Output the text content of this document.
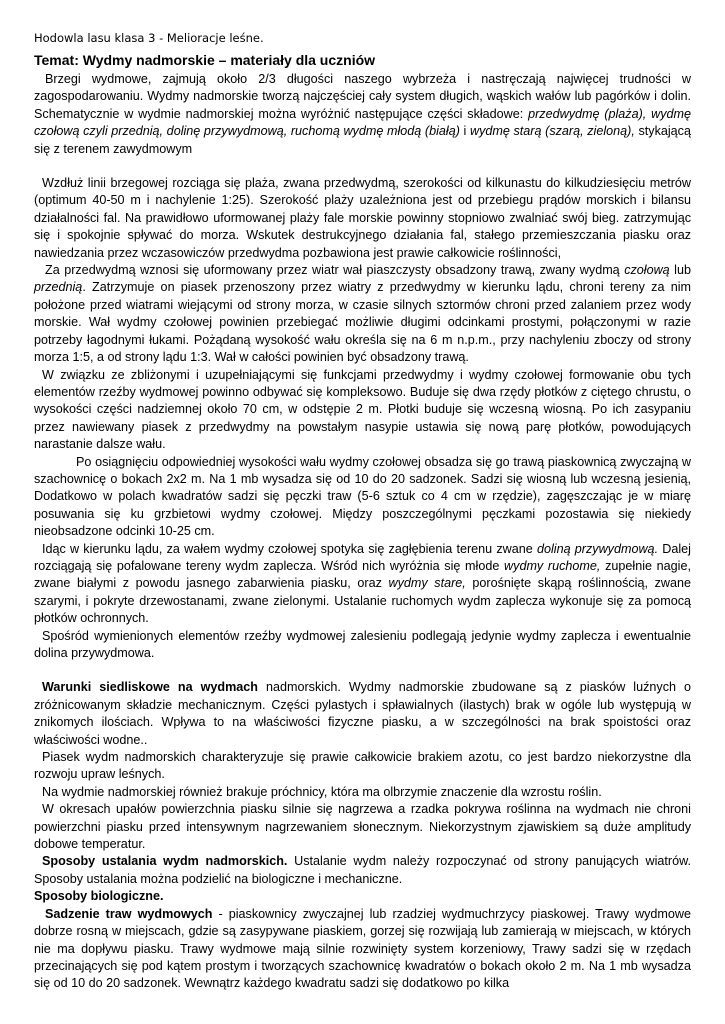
Hodowla lasu klasa 3 - Melioracje leśne.
Temat: Wydmy nadmorskie – materiały dla uczniów

Brzegi wydmowe, zajmują około 2/3 długości naszego wybrzeża i nastręczają najwięcej trudności w zagospodarowaniu. Wydmy nadmorskie tworzą najczęściej cały system długich, wąskich wałów lub pagórków i dolin. Schematycznie w wydmie nadmorskiej można wyróżnić następujące części składowe: przedwydmę (plaża), wydmę czołową czyli przednią, dolinę przywydmową, ruchomą wydmę młodą (białą) i wydmę starą (szarą, zieloną), stykającą się z terenem zawydmowym

Wzdłuż linii brzegowej rozciąga się plaża, zwana przedwydmą, szerokości od kilkunastu do kilkudziesięciu metrów (optimum 40-50 m i nachylenie 1:25). Szerokość plaży uzależniona jest od przebiegu prądów morskich i bilansu działalności fal. Na prawidłowo uformowanej plaży fale morskie powinny stopniowo zwalniać swój bieg. zatrzymując się i spokojnie spływać do morza. Wskutek destrukcyjnego działania fal, stałego przemieszczania piasku oraz nawiedzania przez wczasowiczów przedwydma pozbawiona jest prawie całkowicie roślinności,

Za przedwydmą wznosi się uformowany przez wiatr wał piaszczysty obsadzony trawą, zwany wydmą czołową lub przednią. Zatrzymuje on piasek przenoszony przez wiatry z przedwydmy w kierunku lądu, chroni tereny za nim położone przed wiatrami wiejącymi od strony morza, w czasie silnych sztormów chroni przed zalaniem przez wody morskie. Wał wydmy czołowej powinien przebiegać możliwie długimi odcinkami prostymi, połączonymi w razie potrzeby łagodnymi łukami. Pożądaną wysokość wału określa się na 6 m n.p.m., przy nachyleniu zboczy od strony morza 1:5, a od strony lądu 1:3. Wał w całości powinien być obsadzony trawą.

W związku ze zbliżonymi i uzupełniającymi się funkcjami przedwydmy i wydmy czołowej formowanie obu tych elementów rzeźby wydmowej powinno odbywać się kompleksowo. Buduje się dwa rzędy płotków z ciętego chrustu, o wysokości części nadziemnej około 70 cm, w odstępie 2 m. Płotki buduje się wczesną wiosną. Po ich zasypaniu przez nawiewany piasek z przedwydmy na powstałym nasypie ustawia się nową parę płotków, powodujących narastanie dalsze wału.

Po osiągnięciu odpowiedniej wysokości wału wydmy czołowej obsadza się go trawą piaskownicą zwyczajną w szachownicę o bokach 2x2 m. Na 1 mb wysadza się od 10 do 20 sadzonek. Sadzi się wiosną lub wczesną jesienią, Dodatkowo w polach kwadratów sadzi się pęczki traw (5-6 sztuk co 4 cm w rzędzie), zagęszczając je w miarę posuwania się ku grzbietowi wydmy czołowej. Między poszczególnymi pęczkami pozostawia się niekiedy nieobsadzone odcinki 10-25 cm.

Idąc w kierunku lądu, za wałem wydmy czołowej spotyka się zagłębienia terenu zwane doliną przywydmową. Dalej rozciągają się pofalowane tereny wydm zaplecza. Wśród nich wyróżnia się młode wydmy ruchome, zupełnie nagie, zwane białymi z powodu jasnego zabarwienia piasku, oraz wydmy stare, porośnięte skąpą roślinnością, zwane szarymi, i pokryte drzewostanami, zwane zielonymi. Ustalanie ruchomych wydm zaplecza wykonuje się za pomocą płotków ochronnych.

Spośród wymienionych elementów rzeźby wydmowej zalesieniu podlegają jedynie wydmy zaplecza i ewentualnie dolina przywydmowa.

Warunki siedliskowe na wydmach nadmorskich. Wydmy nadmorskie zbudowane są z piasków luźnych o zróżnicowanym składzie mechanicznym. Części pylastych i spławialnych (ilastych) brak w ogóle lub występują w znikomych ilościach. Wpływa to na właściwości fizyczne piasku, a w szczególności na brak spoistości oraz właściwości wodne..

Piasek wydm nadmorskich charakteryzuje się prawie całkowicie brakiem azotu, co jest bardzo niekorzystne dla rozwoju upraw leśnych.

Na wydmie nadmorskiej również brakuje próchnicy, która ma olbrzymie znaczenie dla wzrostu roślin.

W okresach upałów powierzchnia piasku silnie się nagrzewa a rzadka pokrywa roślinna na wydmach nie chroni powierzchni piasku przed intensywnym nagrzewaniem słonecznym. Niekorzystnym zjawiskiem są duże amplitudy dobowe temperatur.

Sposoby ustalania wydm nadmorskich. Ustalanie wydm należy rozpoczynać od strony panujących wiatrów. Sposoby ustalania można podzielić na biologiczne i mechaniczne.

Sposoby biologiczne.

Sadzenie traw wydmowych - piaskownicy zwyczajnej lub rzadziej wydmuchrzycy piaskowej. Trawy wydmowe dobrze rosną w miejscach, gdzie są zasypywane piaskiem, gorzej się rozwijają lub zamierają w miejscach, w których nie ma dopływu piasku. Trawy wydmowe mają silnie rozwinięty system korzeniowy, Trawy sadzi się w rzędach przecinających się pod kątem prostym i tworzących szachownicę kwadratów o bokach około 2 m. Na 1 mb wysadza się od 10 do 20 sadzonek. Wewnątrz każdego kwadratu sadzi się dodatkowo po kilka
